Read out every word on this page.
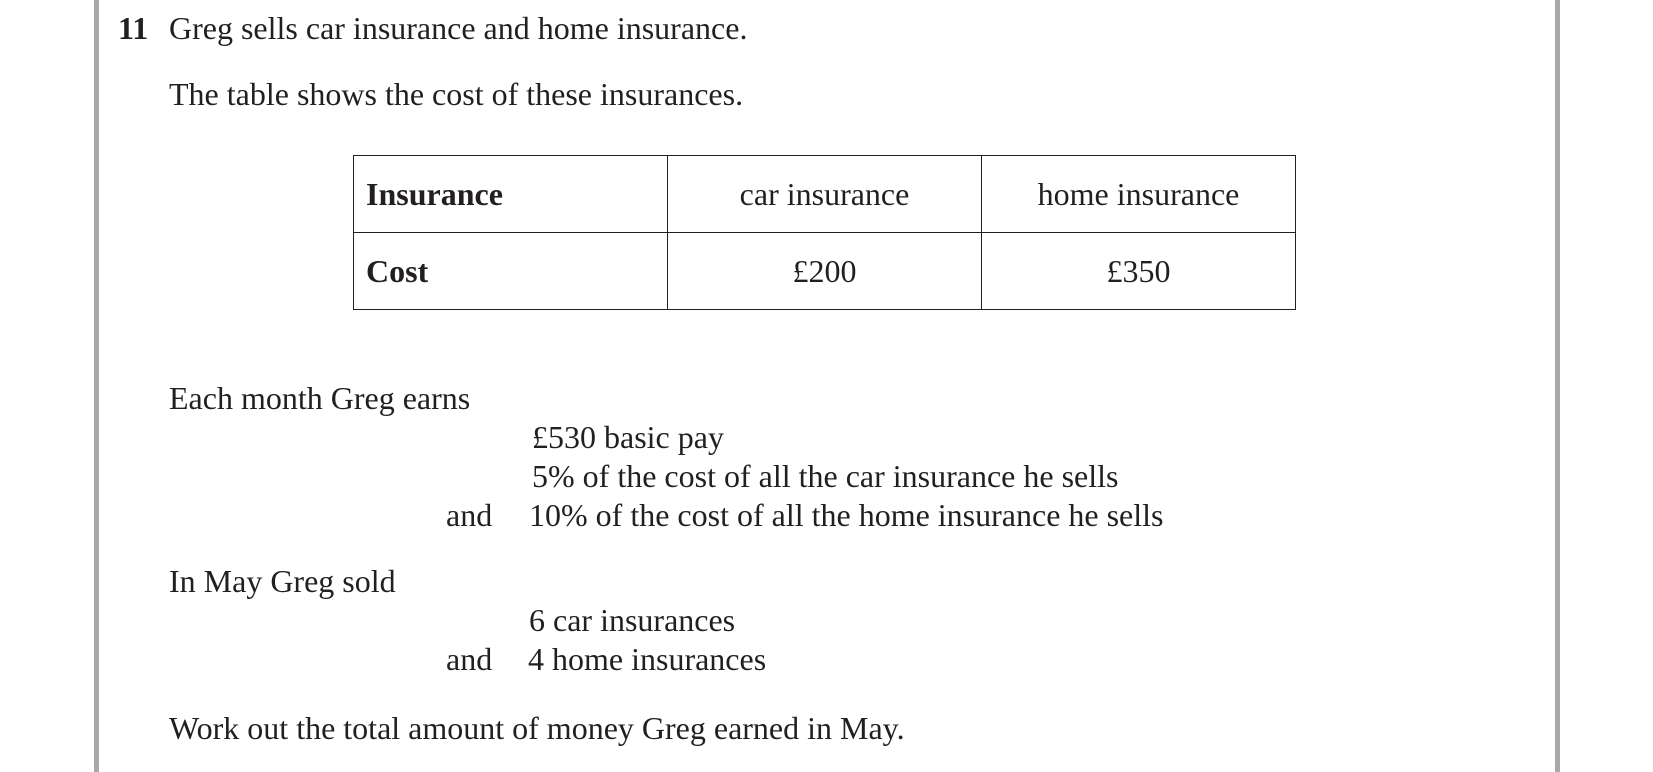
11 Greg sells car insurance and home insurance.
The table shows the cost of these insurances.
Insurance	car insurance	home insurance
Cost	£200	£350
Each month Greg earns
£530 basic pay
5% of the cost of all the car insurance he sells
and 10% of the cost of all the home insurance he sells
In May Greg sold
6 car insurances
and 4 home insurances
Work out the total amount of money Greg earned in May.
